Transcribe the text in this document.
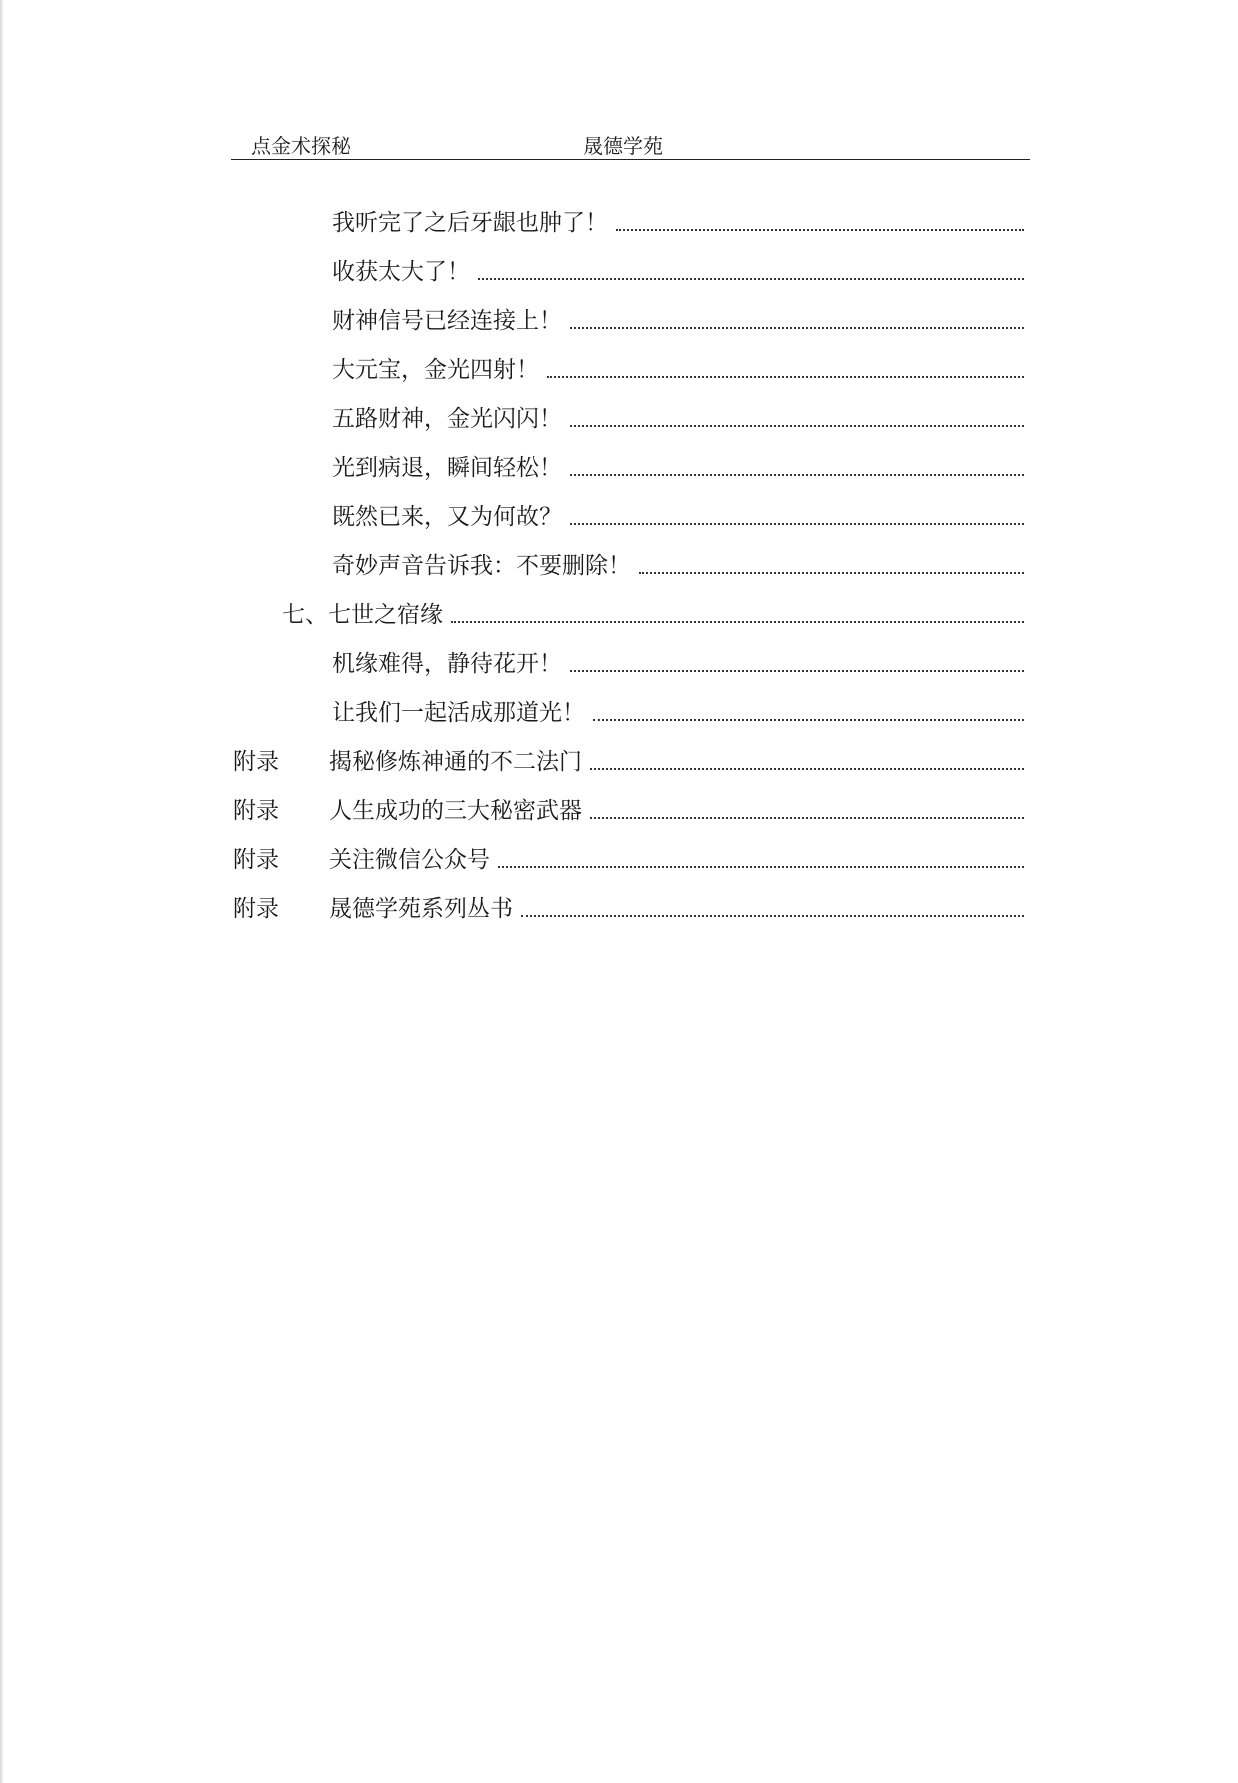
点金术探秘	晟德学苑
我听完了之后牙龈也肿了！
收获太大了！
财神信号已经连接上！
大元宝，金光四射！
五路财神，金光闪闪！
光到病退，瞬间轻松！
既然已来，又为何故？
奇妙声音告诉我：不要删除！
七、七世之宿缘
机缘难得，静待花开！
让我们一起活成那道光！
附录	揭秘修炼神通的不二法门
附录	人生成功的三大秘密武器
附录	关注微信公众号
附录	晟德学苑系列丛书
